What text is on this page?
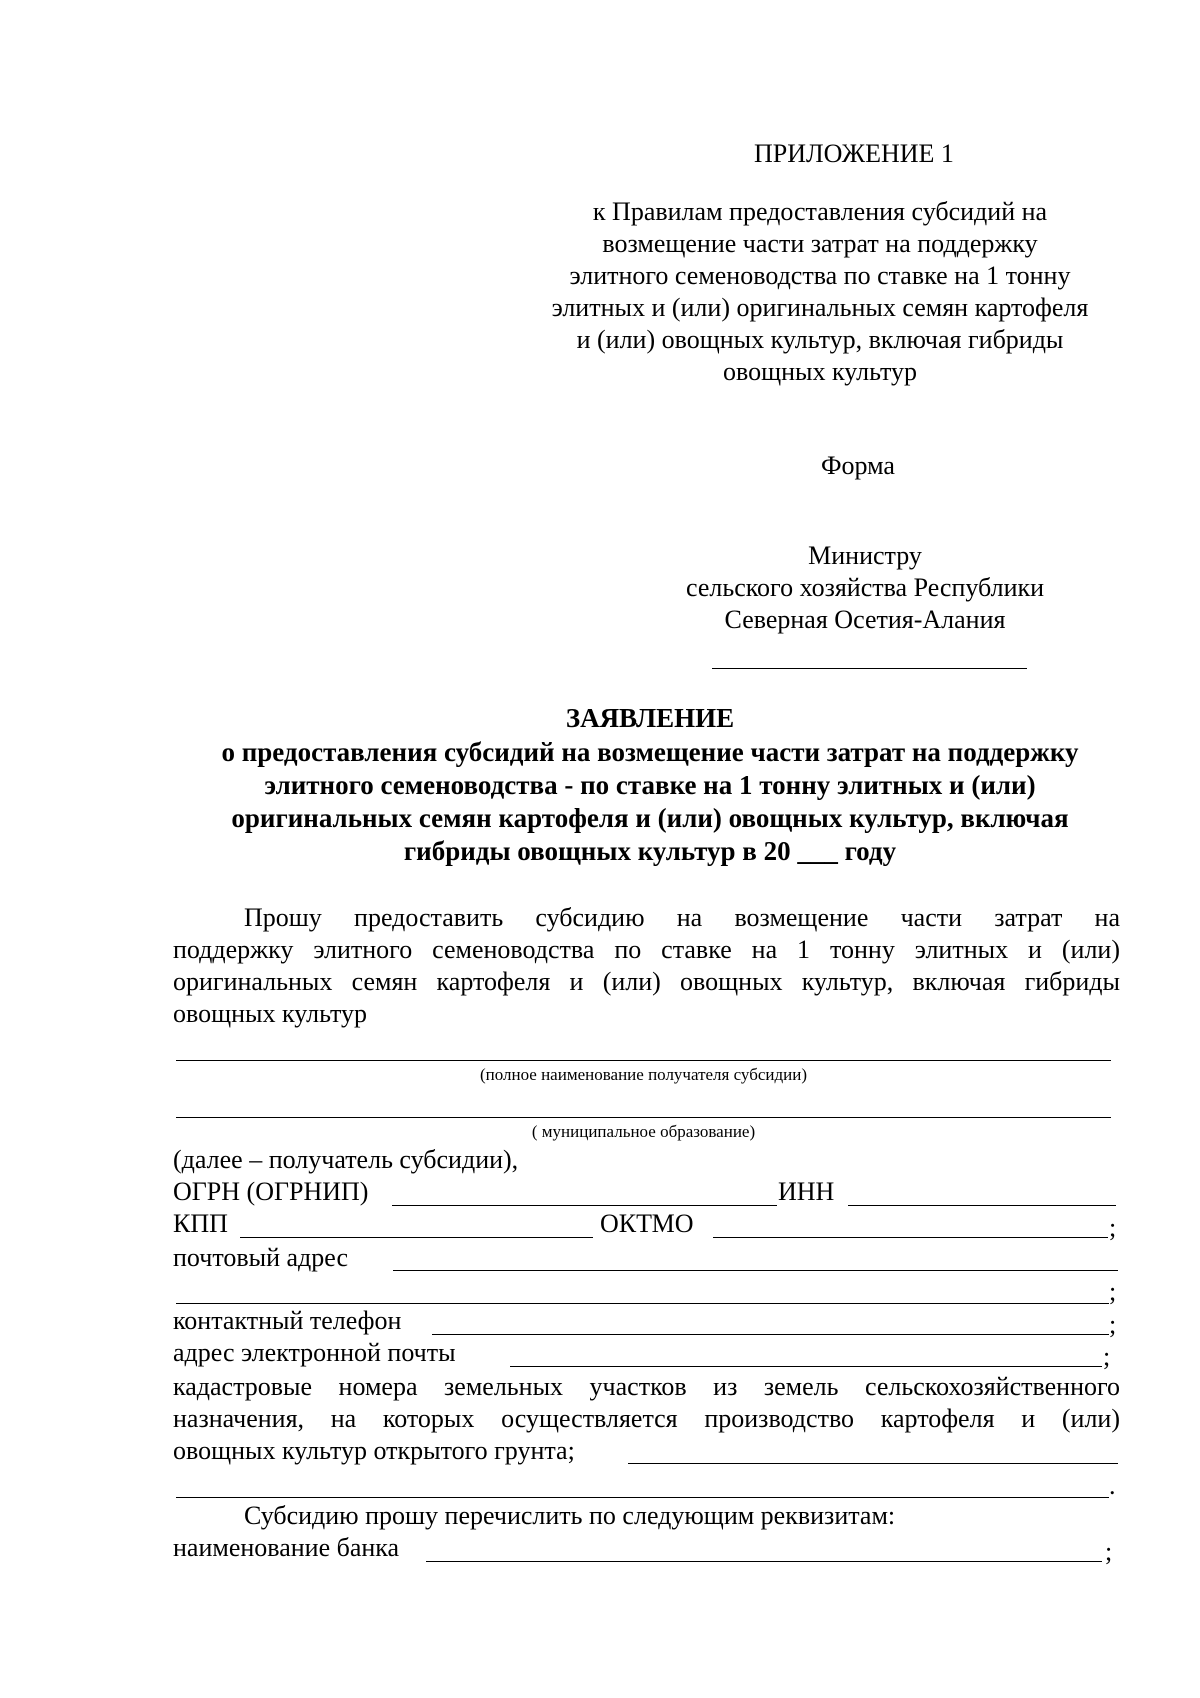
ПРИЛОЖЕНИЕ 1
к Правилам предоставления субсидий на
возмещение части затрат на поддержку
элитного семеноводства по ставке на 1 тонну
элитных и (или) оригинальных семян картофеля
и (или) овощных культур, включая гибриды
овощных культур
Форма
Министру
сельского хозяйства Республики
Северная Осетия-Алания
ЗАЯВЛЕНИЕ
о предоставления субсидий на возмещение части затрат на поддержку
элитного семеноводства - по ставке на 1 тонну элитных и (или)
оригинальных семян картофеля и (или) овощных культур, включая
гибриды овощных культур в 20 ___ году
Прошу предоставить субсидию на возмещение части затрат на
поддержку элитного семеноводства по ставке на 1 тонну элитных и (или)
оригинальных семян картофеля и (или) овощных культур, включая гибриды
овощных культур
(полное наименование получателя субсидии)
( муниципальное образование)
(далее – получатель субсидии),
ОГРН (ОГРНИП)	ИНН
КПП	ОКТМО	;
почтовый адрес
;
контактный телефон	;
адрес электронной почты	;
кадастровые номера земельных участков из земель сельскохозяйственного
назначения, на которых осуществляется производство картофеля и (или)
овощных культур открытого грунта;
.
Субсидию прошу перечислить по следующим реквизитам:
наименование банка	;
